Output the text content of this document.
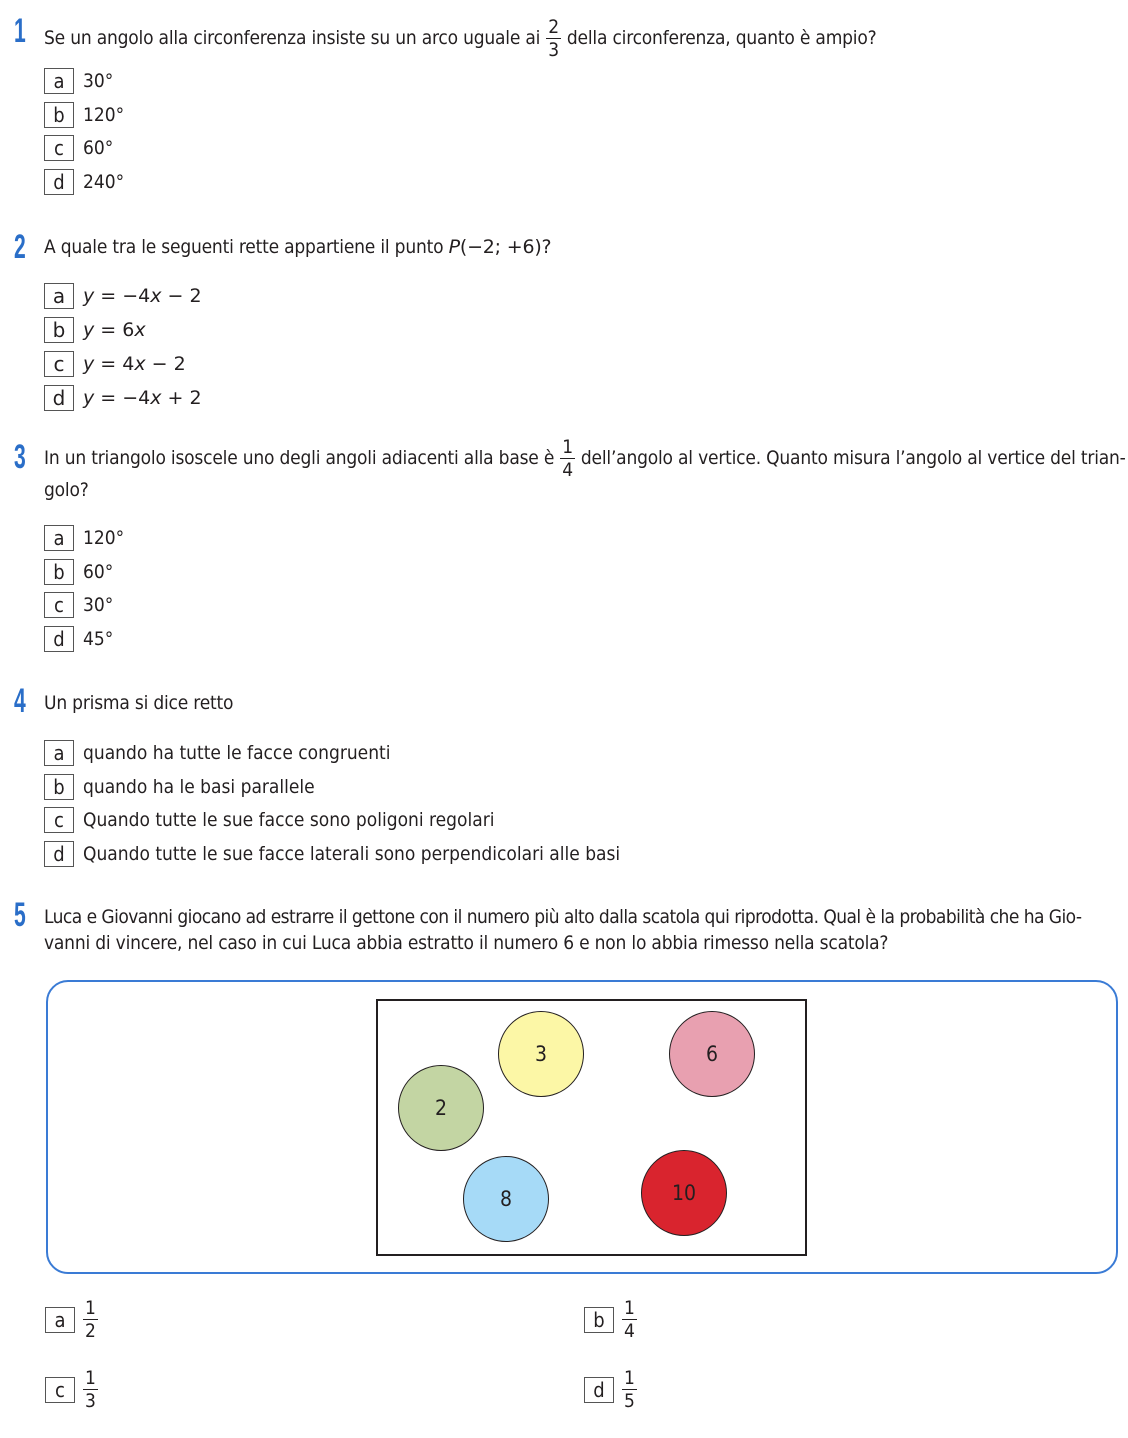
1 Se un angolo alla circonferenza insiste su un arco uguale ai $\frac{2}{3}$ della circonferenza, quanto è ampio?
a 30°
b 120°
c	60°
d 240°
2 A quale tra le seguenti rette appartiene il punto P(−2; +6)?
a y = −4x − 2
b y = 6x
c y = 4x − 2
d y = −4x + 2
3 In un triangolo isoscele uno degli angoli adiacenti alla base è $\frac{1}{4}$ dell’angolo al vertice. Quanto misura l’angolo al vertice del trian-
golo?
a 120°
b 60°
c	30°
d 45°
4 Un prisma si dice retto
a quando ha tutte le facce congruenti
b quando ha le basi parallele
c	Quando tutte le sue facce sono poligoni regolari
d Quando tutte le sue facce laterali sono perpendicolari alle basi
5 Luca e Giovanni giocano ad estrarre il gettone con il numero più alto dalla scatola qui riprodotta. Qual è la probabilità che ha Gio-
vanni di vincere, nel caso in cui Luca abbia estratto il numero 6 e non lo abbia rimesso nella scatola?
3	6
2
8	10
a $\frac{1}{2}$	b $\frac{1}{4}$
c $\frac{1}{3}$	d $\frac{1}{5}$
